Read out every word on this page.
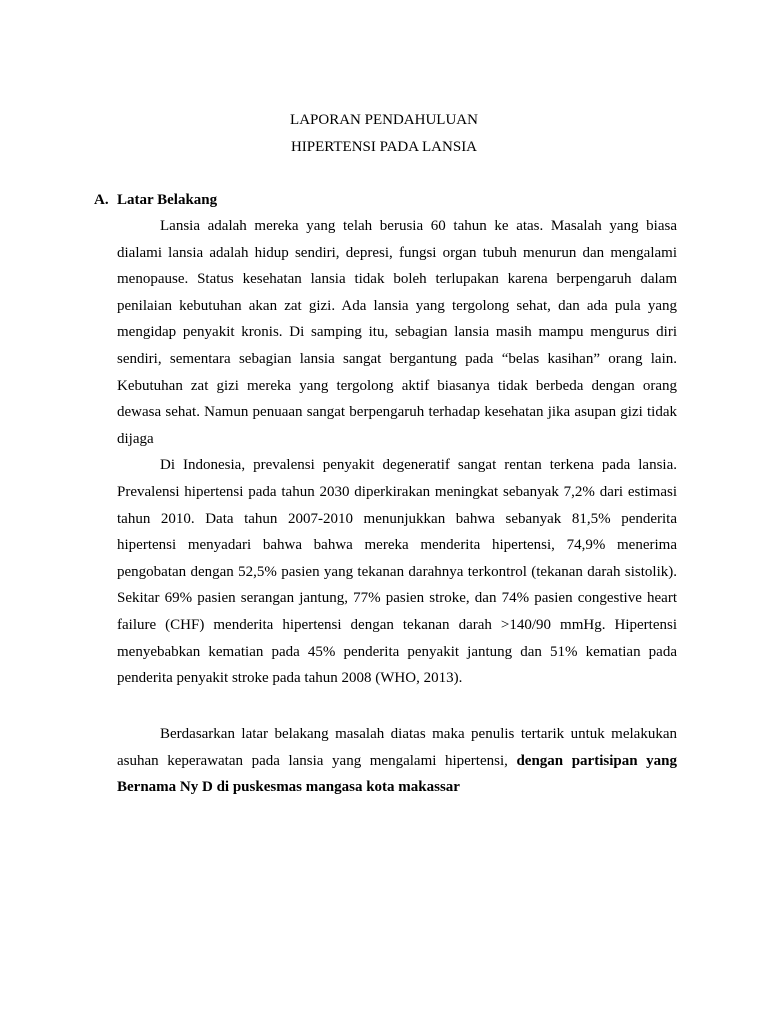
LAPORAN PENDAHULUAN
HIPERTENSI PADA LANSIA
A. Latar Belakang

Lansia adalah mereka yang telah berusia 60 tahun ke atas. Masalah yang biasa dialami lansia adalah hidup sendiri, depresi, fungsi organ tubuh menurun dan mengalami menopause. Status kesehatan lansia tidak boleh terlupakan karena berpengaruh dalam penilaian kebutuhan akan zat gizi. Ada lansia yang tergolong sehat, dan ada pula yang mengidap penyakit kronis. Di samping itu, sebagian lansia masih mampu mengurus diri sendiri, sementara sebagian lansia sangat bergantung pada “belas kasihan” orang lain. Kebutuhan zat gizi mereka yang tergolong aktif biasanya tidak berbeda dengan orang dewasa sehat. Namun penuaan sangat berpengaruh terhadap kesehatan jika asupan gizi tidak dijaga

Di Indonesia, prevalensi penyakit degeneratif sangat rentan terkena pada lansia. Prevalensi hipertensi pada tahun 2030 diperkirakan meningkat sebanyak 7,2% dari estimasi tahun 2010. Data tahun 2007-2010 menunjukkan bahwa sebanyak 81,5% penderita hipertensi menyadari bahwa bahwa mereka menderita hipertensi, 74,9% menerima pengobatan dengan 52,5% pasien yang tekanan darahnya terkontrol (tekanan darah sistolik). Sekitar 69% pasien serangan jantung, 77% pasien stroke, dan 74% pasien congestive heart failure (CHF) menderita hipertensi dengan tekanan darah >140/90 mmHg. Hipertensi menyebabkan kematian pada 45% penderita penyakit jantung dan 51% kematian pada penderita penyakit stroke pada tahun 2008 (WHO, 2013).

Berdasarkan latar belakang masalah diatas maka penulis tertarik untuk melakukan asuhan keperawatan pada lansia yang mengalami hipertensi, dengan partisipan yang Bernama Ny D di puskesmas mangasa kota makassar
